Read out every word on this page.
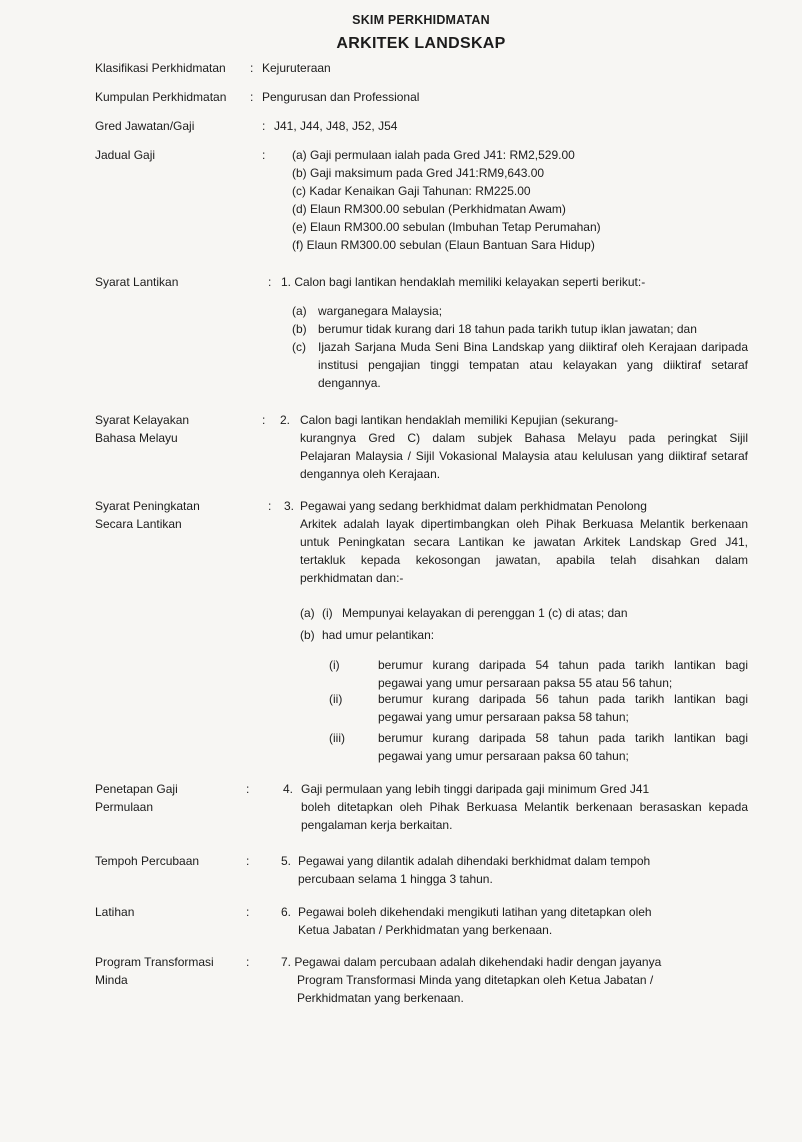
SKIM PERKHIDMATAN
ARKITEK LANDSKAP
Klasifikasi Perkhidmatan : Kejuruteraan
Kumpulan Perkhidmatan : Pengurusan dan Professional
Gred Jawatan/Gaji	: J41, J44, J48, J52, J54
Jadual Gaji	: (a) Gaji permulaan ialah pada Gred J41: RM2,529.00
(b) Gaji maksimum pada Gred J41:RM9,643.00
(c) Kadar Kenaikan Gaji Tahunan: RM225.00
(d) Elaun RM300.00 sebulan (Perkhidmatan Awam)
(e) Elaun RM300.00 sebulan (Imbuhan Tetap Perumahan)
(f) Elaun RM300.00 sebulan (Elaun Bantuan Sara Hidup)
Syarat Lantikan	: 1. Calon bagi lantikan hendaklah memiliki kelayakan seperti berikut:-
(a) warganegara Malaysia;
(b) berumur tidak kurang dari 18 tahun pada tarikh tutup iklan jawatan; dan
(c) Ijazah Sarjana Muda Seni Bina Landskap yang diiktiraf oleh Kerajaan daripada
institusi pengajian tinggi tempatan atau kelayakan yang diiktiraf setaraf
dengannya.
Syarat Kelayakan
Bahasa Melayu
: 2. Calon bagi lantikan hendaklah memiliki Kepujian (sekurang-
kurangnya Gred C) dalam subjek Bahasa Melayu pada peringkat Sijil
Pelajaran Malaysia / Sijil Vokasional Malaysia atau kelulusan yang diiktiraf setaraf
dengannya oleh Kerajaan.
Syarat Peningkatan
Secara Lantikan
: 3. Pegawai yang sedang berkhidmat dalam perkhidmatan Penolong
Arkitek adalah layak dipertimbangkan oleh Pihak Berkuasa Melantik berkenaan
untuk Peningkatan secara Lantikan ke jawatan Arkitek Landskap Gred J41,
tertakluk kepada kekosongan jawatan, apabila telah disahkan dalam
perkhidmatan dan:-
(a) (i) Mempunyai kelayakan di perenggan 1 (c) di atas; dan
(b) had umur pelantikan:
(i)	berumur kurang daripada 54 tahun pada tarikh lantikan bagi
pegawai yang umur persaraan paksa 55 atau 56 tahun;
(ii)	berumur kurang daripada 56 tahun pada tarikh lantikan bagi
pegawai yang umur persaraan paksa 58 tahun;
(iii)	berumur kurang daripada 58 tahun pada tarikh lantikan bagi
pegawai yang umur persaraan paksa 60 tahun;
Penetapan Gaji
Permulaan
:	4. Gaji permulaan yang lebih tinggi daripada gaji minimum Gred J41
boleh ditetapkan oleh Pihak Berkuasa Melantik berkenaan berasaskan kepada
pengalaman kerja berkaitan.
Tempoh Percubaan	:	5. Pegawai yang dilantik adalah dihendaki berkhidmat dalam tempoh
percubaan selama 1 hingga 3 tahun.
Latihan	:	6. Pegawai boleh dikehendaki mengikuti latihan yang ditetapkan oleh
Ketua Jabatan / Perkhidmatan yang berkenaan.
Program Transformasi
Minda
:	7. Pegawai dalam percubaan adalah dikehendaki hadir dengan jayanya
Program Transformasi Minda yang ditetapkan oleh Ketua Jabatan /
Perkhidmatan yang berkenaan.
